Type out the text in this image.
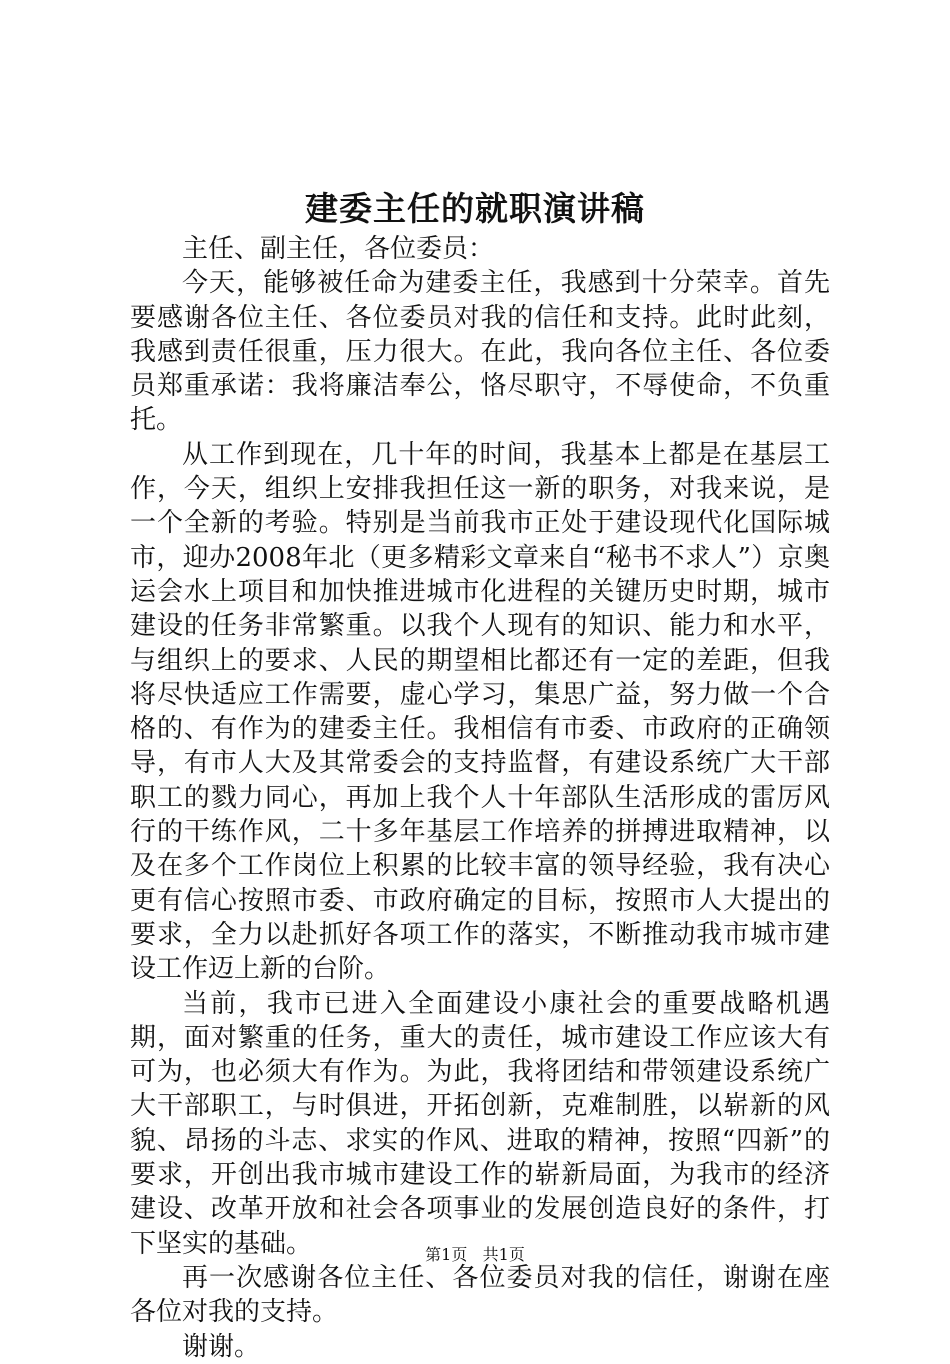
建委主任的就职演讲稿

主任、副主任，各位委员：

今天，能够被任命为建委主任，我感到十分荣幸。首先要感谢各位主任、各位委员对我的信任和支持。此时此刻，我感到责任很重，压力很大。在此，我向各位主任、各位委员郑重承诺：我将廉洁奉公，恪尽职守，不辱使命，不负重托。

从工作到现在，几十年的时间，我基本上都是在基层工作，今天，组织上安排我担任这一新的职务，对我来说，是一个全新的考验。特别是当前我市正处于建设现代化国际城市，迎办2008年北（更多精彩文章来自“秘书不求人”）京奥运会水上项目和加快推进城市化进程的关键历史时期，城市建设的任务非常繁重。以我个人现有的知识、能力和水平，与组织上的要求、人民的期望相比都还有一定的差距，但我将尽快适应工作需要，虚心学习，集思广益，努力做一个合格的、有作为的建委主任。我相信有市委、市政府的正确领导，有市人大及其常委会的支持监督，有建设系统广大干部职工的戮力同心，再加上我个人十年部队生活形成的雷厉风行的干练作风，二十多年基层工作培养的拼搏进取精神，以及在多个工作岗位上积累的比较丰富的领导经验，我有决心更有信心按照市委、市政府确定的目标，按照市人大提出的要求，全力以赴抓好各项工作的落实，不断推动我市城市建设工作迈上新的台阶。

当前，我市已进入全面建设小康社会的重要战略机遇期，面对繁重的任务，重大的责任，城市建设工作应该大有可为，也必须大有作为。为此，我将团结和带领建设系统广大干部职工，与时俱进，开拓创新，克难制胜，以崭新的风貌、昂扬的斗志、求实的作风、进取的精神，按照“四新”的要求，开创出我市城市建设工作的崭新局面，为我市的经济建设、改革开放和社会各项事业的发展创造良好的条件，打下坚实的基础。

再一次感谢各位主任、各位委员对我的信任，谢谢在座各位对我的支持。

谢谢。

第1页 共1页
